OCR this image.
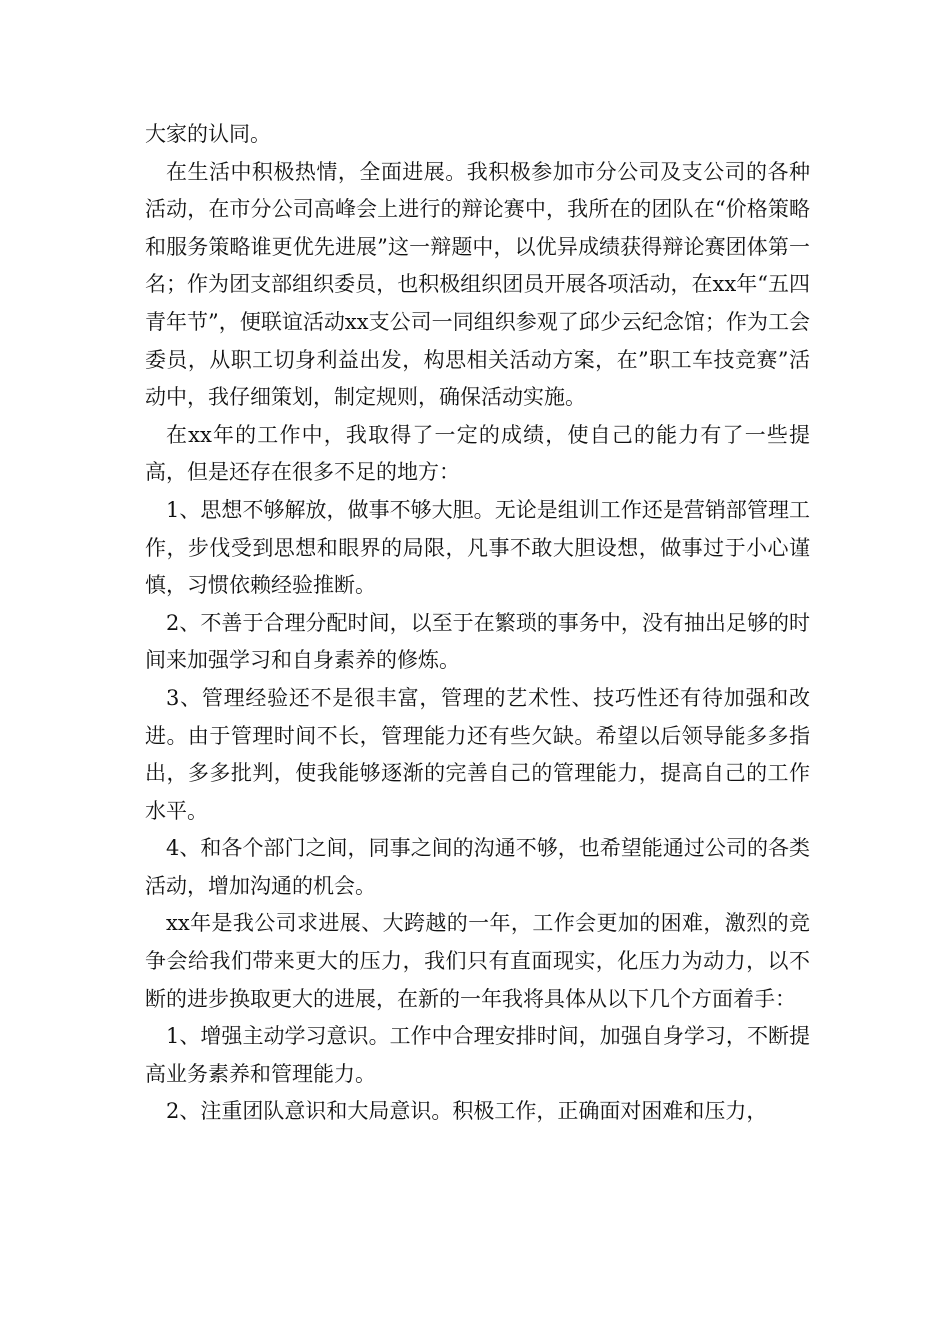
大家的认同。

在生活中积极热情，全面进展。我积极参加市分公司及支公司的各种活动，在市分公司高峰会上进行的辩论赛中，我所在的团队在“价格策略和服务策略谁更优先进展”这一辩题中，以优异成绩获得辩论赛团体第一名；作为团支部组织委员，也积极组织团员开展各项活动，在xx年“五四青年节”，便联谊活动xx支公司一同组织参观了邱少云纪念馆；作为工会委员，从职工切身利益出发，构思相关活动方案，在”职工车技竞赛”活动中，我仔细策划，制定规则，确保活动实施。

在xx年的工作中，我取得了一定的成绩，使自己的能力有了一些提高，但是还存在很多不足的地方：

1、思想不够解放，做事不够大胆。无论是组训工作还是营销部管理工作，步伐受到思想和眼界的局限，凡事不敢大胆设想，做事过于小心谨慎，习惯依赖经验推断。

2、不善于合理分配时间，以至于在繁琐的事务中，没有抽出足够的时间来加强学习和自身素养的修炼。

3、管理经验还不是很丰富，管理的艺术性、技巧性还有待加强和改进。由于管理时间不长，管理能力还有些欠缺。希望以后领导能多多指出，多多批判，使我能够逐渐的完善自己的管理能力，提高自己的工作水平。

4、和各个部门之间，同事之间的沟通不够，也希望能通过公司的各类活动，增加沟通的机会。

xx年是我公司求进展、大跨越的一年，工作会更加的困难，激烈的竞争会给我们带来更大的压力，我们只有直面现实，化压力为动力，以不断的进步换取更大的进展，在新的一年我将具体从以下几个方面着手：

1、增强主动学习意识。工作中合理安排时间，加强自身学习，不断提高业务素养和管理能力。

2、注重团队意识和大局意识。积极工作，正确面对困难和压力，
